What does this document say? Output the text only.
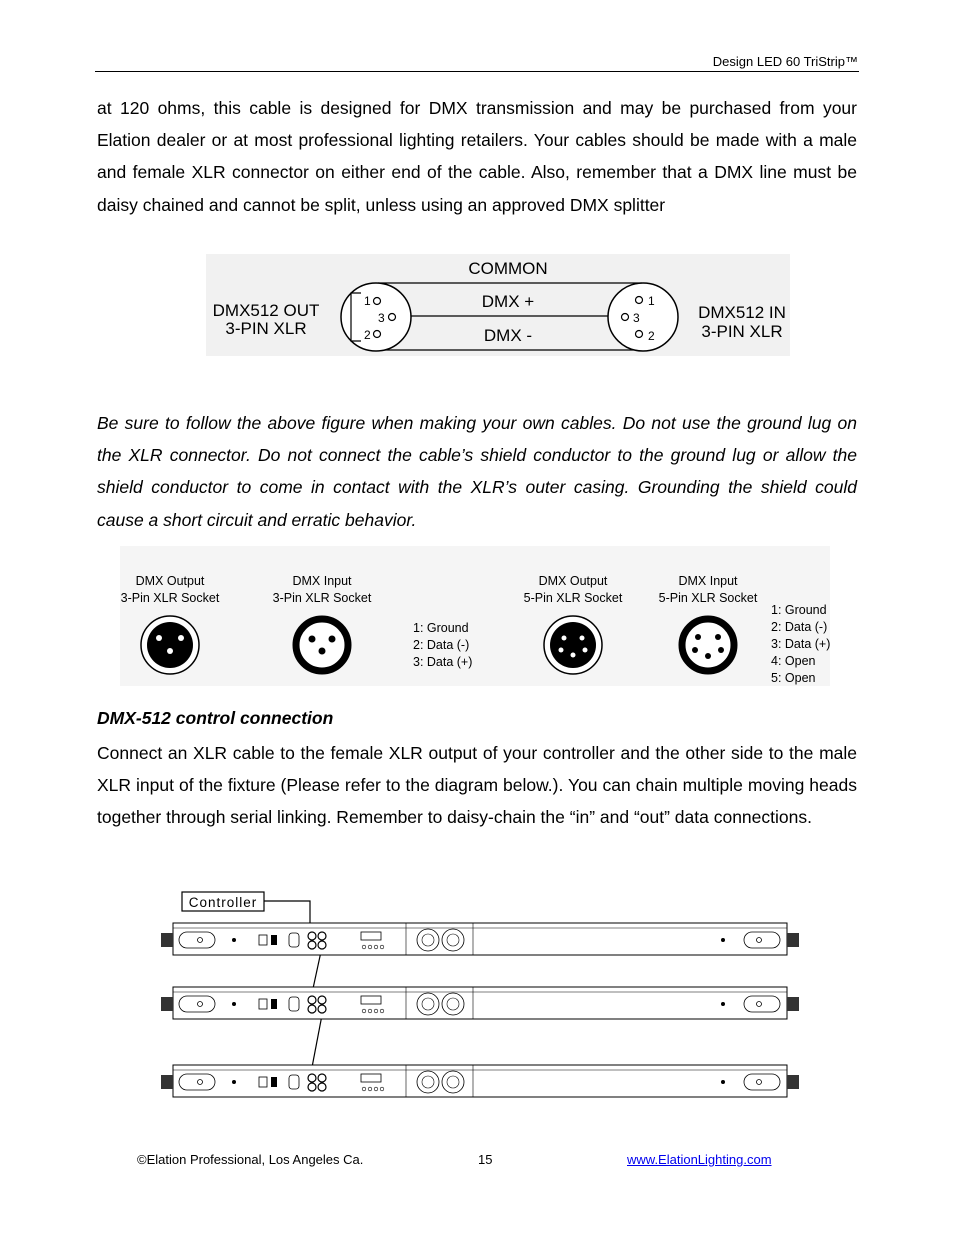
Design LED 60 TriStrip™

at 120 ohms, this cable is designed for DMX transmission and may be purchased from your Elation dealer or at most professional lighting retailers. Your cables should be made with a male and female XLR connector on either end of the cable. Also, remember that a DMX line must be daisy chained and cannot be split, unless using an approved DMX splitter

COMMON
DMX +
DMX -
DMX512 OUT
3-PIN XLR
DMX512 IN
3-PIN XLR
1
3
2
1
3
2

Be sure to follow the above figure when making your own cables. Do not use the ground lug on the XLR connector. Do not connect the cable’s shield conductor to the ground lug or allow the shield conductor to come in contact with the XLR’s outer casing. Grounding the shield could cause a short circuit and erratic behavior.

DMX Output
3-Pin XLR Socket
DMX Input
3-Pin XLR Socket
DMX Output
5-Pin XLR Socket
DMX Input
5-Pin XLR Socket
1: Ground
2: Data (-)
3: Data (+)
1: Ground
2: Data (-)
3: Data (+)
4: Open
5: Open

DMX-512 control connection

Connect an XLR cable to the female XLR output of your controller and the other side to the male XLR input of the fixture (Please refer to the diagram below.). You can chain multiple moving heads together through serial linking. Remember to daisy-chain the “in” and “out” data connections.

Controller
©Elation Professional, Los Angeles Ca.	15	www.ElationLighting.com
